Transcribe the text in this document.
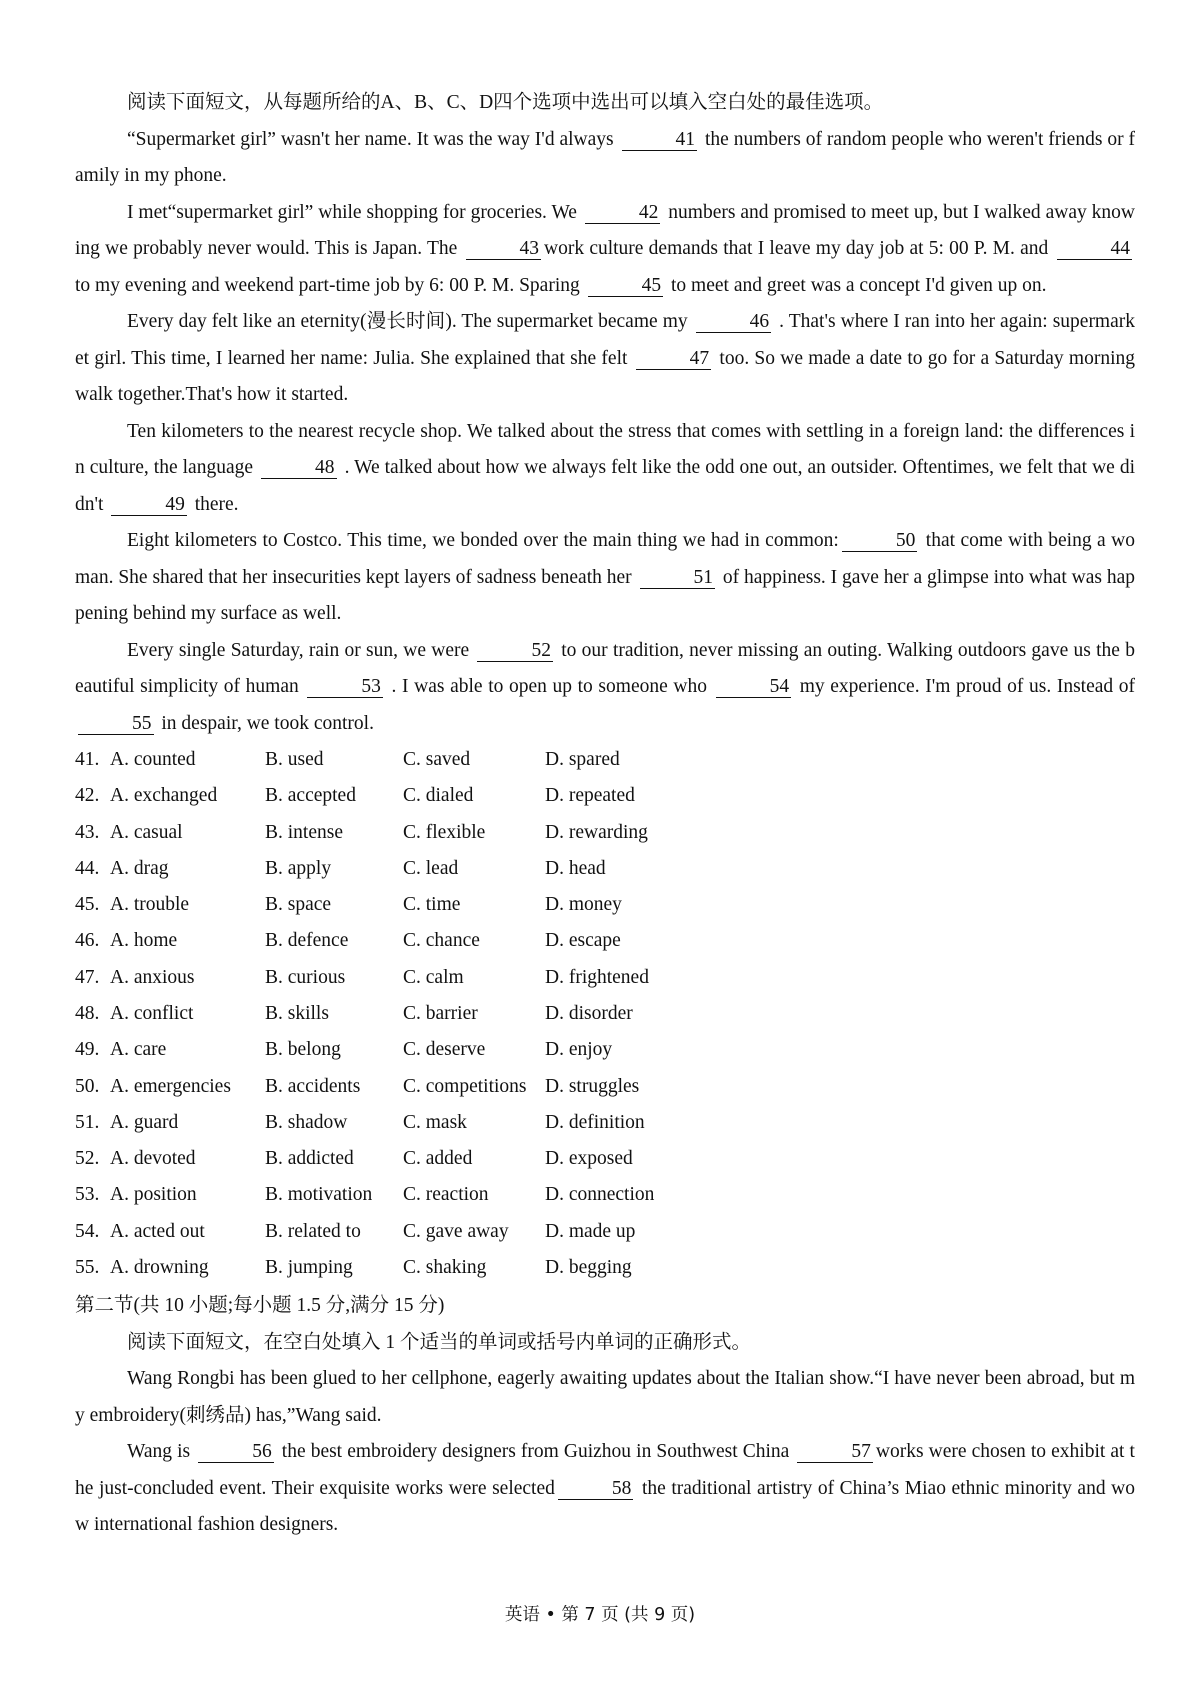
阅读下面短文，从每题所给的A、B、C、D四个选项中选出可以填入空白处的最佳选项。

“Supermarket girl” wasn't her name. It was the way I'd always	41 the numbers of random people who weren't friends or family in my phone.

I met“supermarket girl” while shopping for groceries. We	42 numbers and promised to meet up, but I walked away knowing we probably never would. This is Japan. The	43 work culture demands that I leave my day job at 5: 00 P. M. and	44 to my evening and weekend part-time job by 6: 00 P. M. Sparing	45 to meet and greet was a concept I'd given up on.

Every day felt like an eternity(漫长时间). The supermarket became my	46 . That's where I ran into her again: supermarket girl. This time, I learned her name: Julia. She explained that she felt	47 too. So we made a date to go for a Saturday morning walk together.That's how it started.

Ten kilometers to the nearest recycle shop. We talked about the stress that comes with settling in a foreign land: the differences in culture, the language	48 . We talked about how we always felt like the odd one out, an outsider. Oftentimes, we felt that we didn't	49 there.

Eight kilometers to Costco. This time, we bonded over the main thing we had in common:	50 that come with being a woman. She shared that her insecurities kept layers of sadness beneath her	51 of happiness. I gave her a glimpse into what was happening behind my surface as well.

Every single Saturday, rain or sun, we were	52 to our tradition, never missing an outing. Walking outdoors gave us the beautiful simplicity of human	53 . I was able to open up to someone who	54 my experience. I'm proud of us. Instead of 55 in despair, we took control.

41. A. counted	B. used	C. saved	D. spared
42. A. exchanged	B. accepted	C. dialed	D. repeated
43. A. casual	B. intense	C. flexible	D. rewarding
44. A. drag	B. apply	C. lead	D. head
45. A. trouble	B. space	C. time	D. money
46. A. home	B. defence	C. chance	D. escape
47. A. anxious	B. curious	C. calm	D. frightened
48. A. conflict	B. skills	C. barrier	D. disorder
49. A. care	B. belong	C. deserve	D. enjoy
50. A. emergencies	B. accidents	C. competitions D. struggles
51. A. guard	B. shadow	C. mask	D. definition
52. A. devoted	B. addicted	C. added	D. exposed
53. A. position	B. motivation	C. reaction	D. connection
54. A. acted out	B. related to	C. gave away	D. made up
55. A. drowning	B. jumping	C. shaking	D. begging

第二节(共 10 小题;每小题 1.5 分,满分 15 分)

阅读下面短文，在空白处填入 1 个适当的单词或括号内单词的正确形式。

Wang Rongbi has been glued to her cellphone, eagerly awaiting updates about the Italian show.“I have never been abroad, but my embroidery(刺绣品) has,”Wang said.

Wang is	56 the best embroidery designers from Guizhou in Southwest China	57 works were chosen to exhibit at the just-concluded event. Their exquisite works were selected	58 the traditional artistry of China’s Miao ethnic minority and wow international fashion designers.

英语 • 第 7 页 (共 9 页)
